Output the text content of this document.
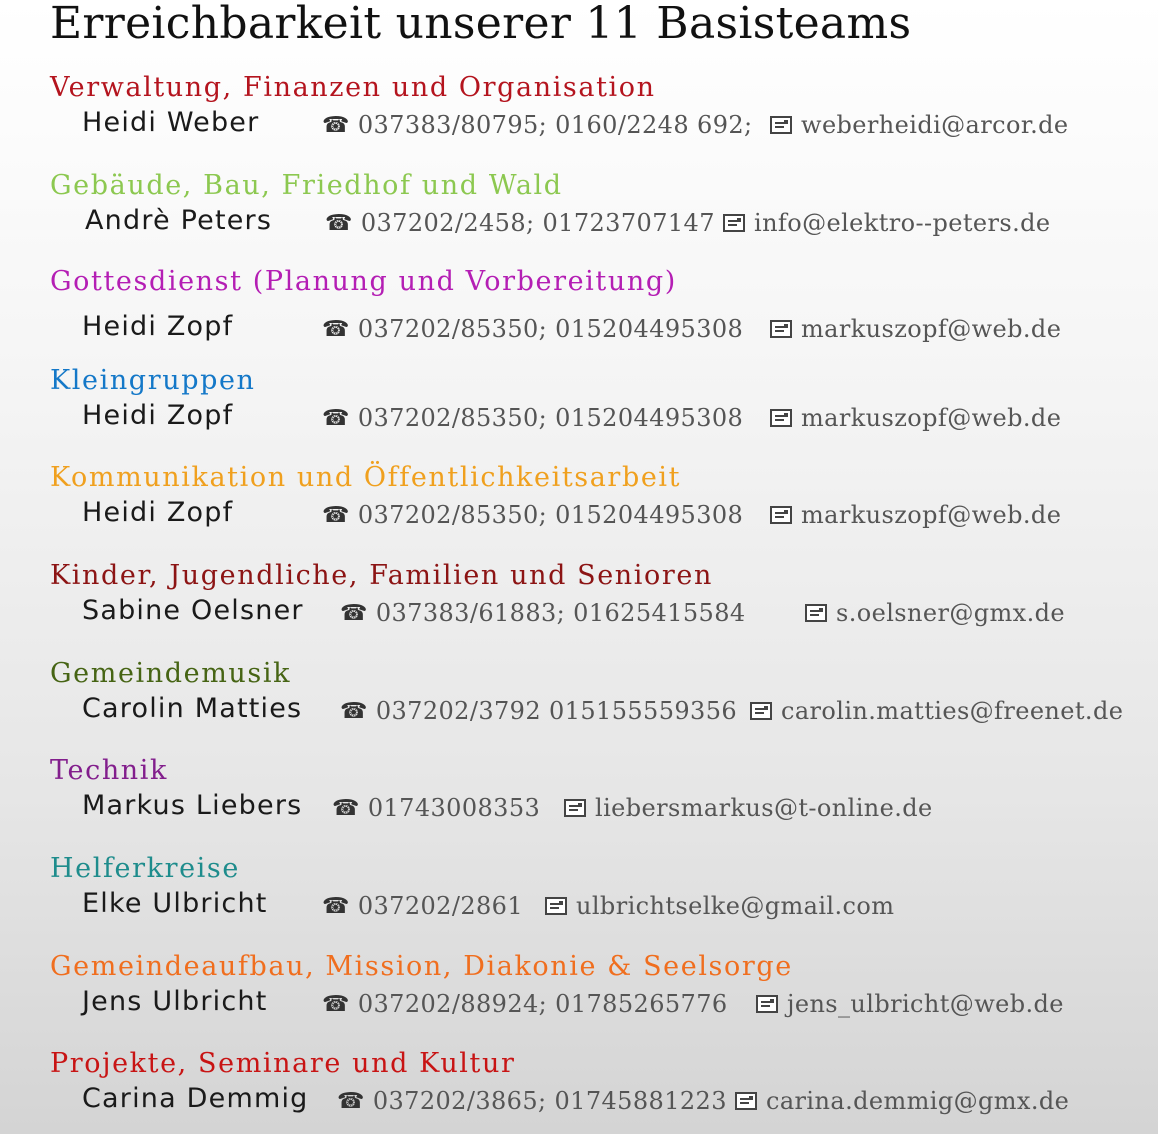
Erreichbarkeit unserer 11 Basisteams
Verwaltung, Finanzen und Organisation
Heidi Weber	☎ 037383/80795; 0160/2248 692; weberheidi@arcor.de
Gebäude, Bau, Friedhof und Wald
Andrè Peters ☎ 037202/2458; 01723707147 info@elektro--peters.de
Gottesdienst (Planung und Vorbereitung)
Heidi Zopf	☎ 037202/85350; 015204495308 markuszopf@web.de
Kleingruppen
Heidi Zopf	☎ 037202/85350; 015204495308 markuszopf@web.de
Kommunikation und Öffentlichkeitsarbeit
Heidi Zopf	☎ 037202/85350; 015204495308 markuszopf@web.de
Kinder, Jugendliche, Familien und Senioren
Sabine Oelsner ☎ 037383/61883; 01625415584	s.oelsner@gmx.de
Gemeindemusik
Carolin Matties ☎ 037202/3792 015155559356 carolin.matties@freenet.de
Technik
Markus Liebers ☎ 01743008353 liebersmarkus@t-online.de
Helferkreise
Elke Ulbricht ☎ 037202/2861 ulbrichtselke@gmail.com
Gemeindeaufbau, Mission, Diakonie & Seelsorge
Jens Ulbricht ☎ 037202/88924; 01785265776 jens_ulbricht@web.de
Projekte, Seminare und Kultur
Carina Demmig ☎ 037202/3865; 01745881223 carina.demmig@gmx.de
